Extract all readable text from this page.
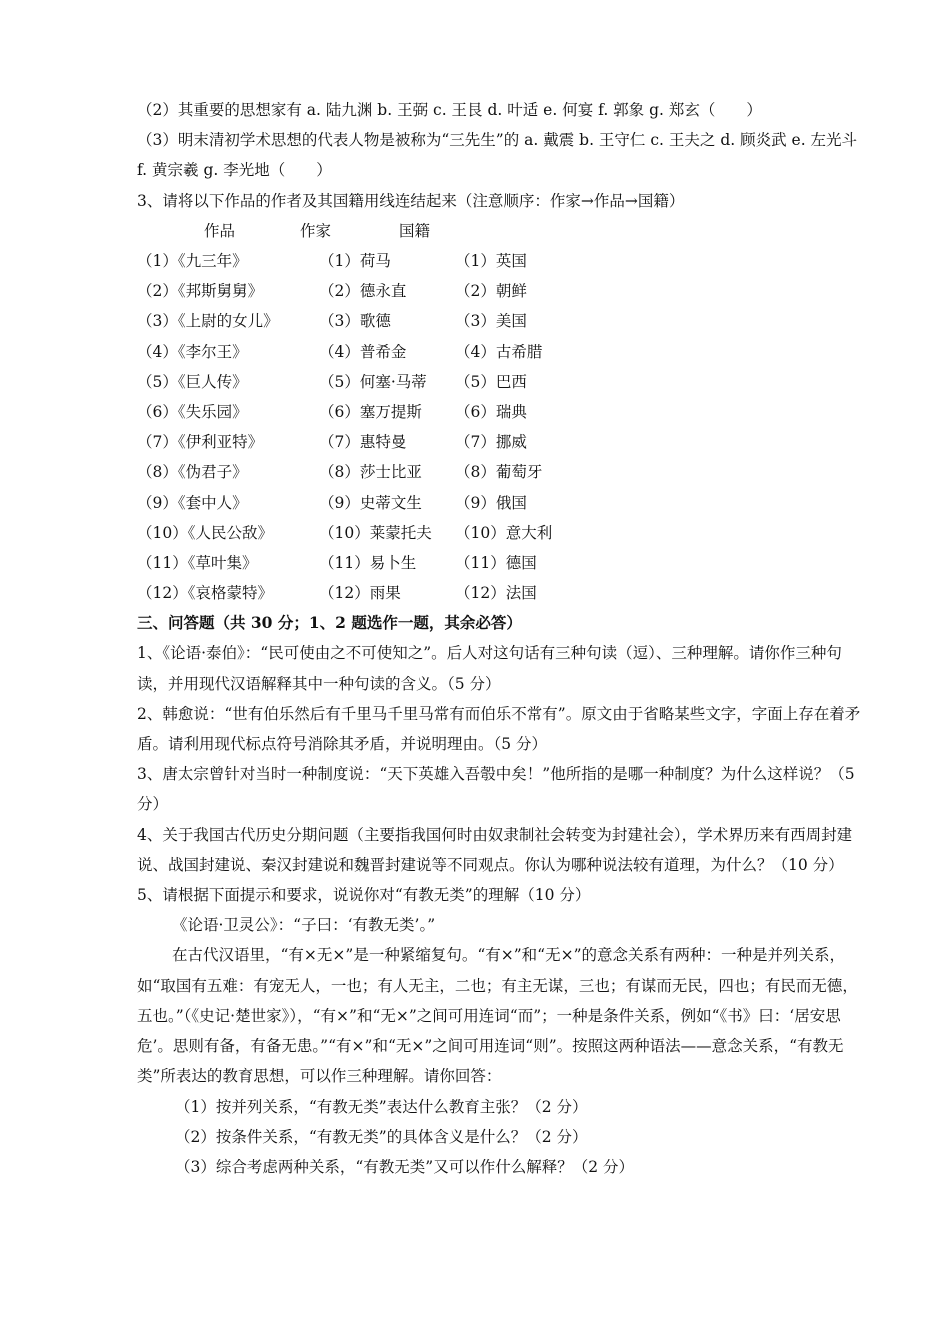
（2）其重要的思想家有 a. 陆九渊 b. 王弼 c. 王艮 d. 叶适 e. 何宴 f. 郭象 g. 郑玄（　　）

（3）明末清初学术思想的代表人物是被称为“三先生”的 a. 戴震 b. 王守仁 c. 王夫之 d. 顾炎武 e. 左光斗 f. 黄宗羲 g. 李光地（　　）

3、请将以下作品的作者及其国籍用线连结起来（注意顺序：作家→作品→国籍）

作品	作家	国籍
（1）《九三年》	（1）荷马	（1）英国
（2）《邦斯舅舅》	（2）德永直	（2）朝鲜
（3）《上尉的女儿》	（3）歌德	（3）美国
（4）《李尔王》	（4）普希金	（4）古希腊
（5）《巨人传》	（5）何塞·马蒂 （5）巴西
（6）《失乐园》	（6）塞万提斯 （6）瑞典
（7）《伊利亚特》	（7）惠特曼	（7）挪威
（8）《伪君子》	（8）莎士比亚 （8）葡萄牙
（9）《套中人》	（9）史蒂文生 （9）俄国
（10）《人民公敌》	（10）莱蒙托夫 （10）意大利
（11）《草叶集》	（11）易卜生	（11）德国
（12）《哀格蒙特》	（12）雨果	（12）法国

三、问答题（共 30 分；1、2 题选作一题，其余必答）

1、《论语·泰伯》：“民可使由之不可使知之”。后人对这句话有三种句读（逗）、三种理解。请你作三种句读，并用现代汉语解释其中一种句读的含义。（5 分）

2、韩愈说：“世有伯乐然后有千里马千里马常有而伯乐不常有”。原文由于省略某些文字，字面上存在着矛盾。请利用现代标点符号消除其矛盾，并说明理由。（5 分）

3、唐太宗曾针对当时一种制度说：“天下英雄入吾彀中矣！”他所指的是哪一种制度？为什么这样说？（5 分）

4、关于我国古代历史分期问题（主要指我国何时由奴隶制社会转变为封建社会），学术界历来有西周封建说、战国封建说、秦汉封建说和魏晋封建说等不同观点。你认为哪种说法较有道理，为什么？（10 分）

5、请根据下面提示和要求，说说你对“有教无类”的理解（10 分）

《论语·卫灵公》：“子曰：‘有教无类’。”

在古代汉语里，“有×无×”是一种紧缩复句。“有×”和“无×”的意念关系有两种：一种是并列关系，如“取国有五难：有宠无人，一也；有人无主，二也；有主无谋，三也；有谋而无民，四也；有民而无德，五也。”（《史记·楚世家》），“有×”和“无×”之间可用连词“而”；一种是条件关系，例如“《书》曰：‘居安思危’。思则有备，有备无患。”“有×”和“无×”之间可用连词“则”。按照这两种语法——意念关系，“有教无类”所表达的教育思想，可以作三种理解。请你回答：

（1）按并列关系，“有教无类”表达什么教育主张？（2 分）

（2）按条件关系，“有教无类”的具体含义是什么？（2 分）

（3）综合考虑两种关系，“有教无类”又可以作什么解释？（2 分）
